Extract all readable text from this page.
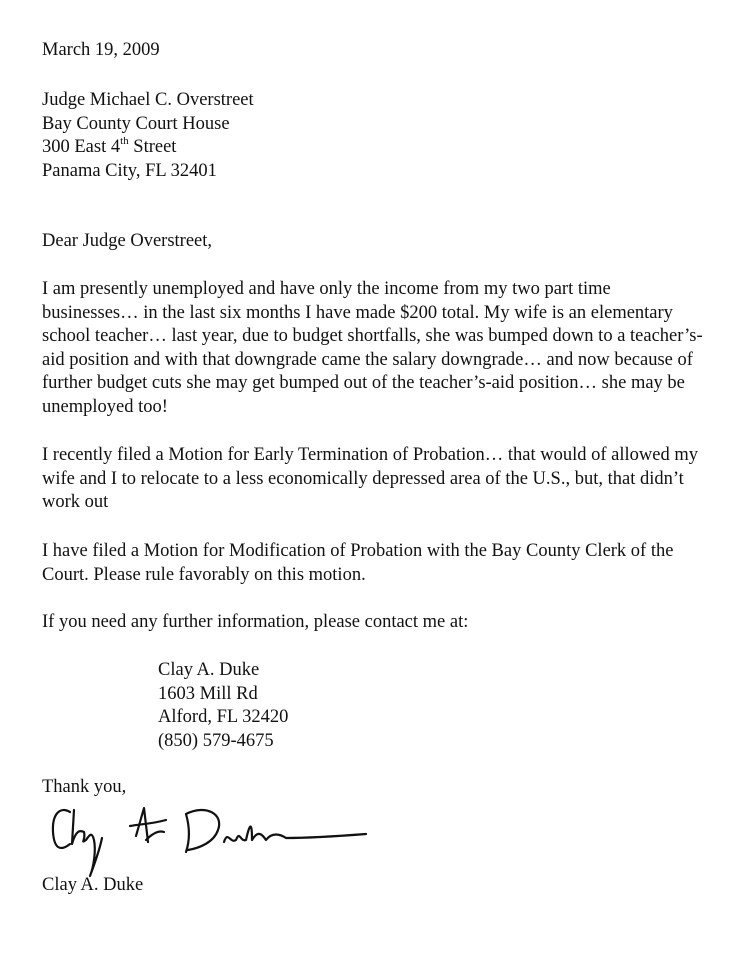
March 19, 2009
Judge Michael C. Overstreet
Bay County Court House
300 East 4th Street
Panama City, FL 32401
Dear Judge Overstreet,
I am presently unemployed and have only the income from my two part time
businesses… in the last six months I have made $200 total. My wife is an elementary
school teacher… last year, due to budget shortfalls, she was bumped down to a teacher’s-
aid position and with that downgrade came the salary downgrade… and now because of
further budget cuts she may get bumped out of the teacher’s-aid position… she may be
unemployed too!
I recently filed a Motion for Early Termination of Probation… that would of allowed my
wife and I to relocate to a less economically depressed area of the U.S., but, that didn’t
work out
I have filed a Motion for Modification of Probation with the Bay County Clerk of the
Court. Please rule favorably on this motion.
If you need any further information, please contact me at:
Clay A. Duke
1603 Mill Rd
Alford, FL 32420
(850) 579-4675
Thank you,
Clay A. Duke
